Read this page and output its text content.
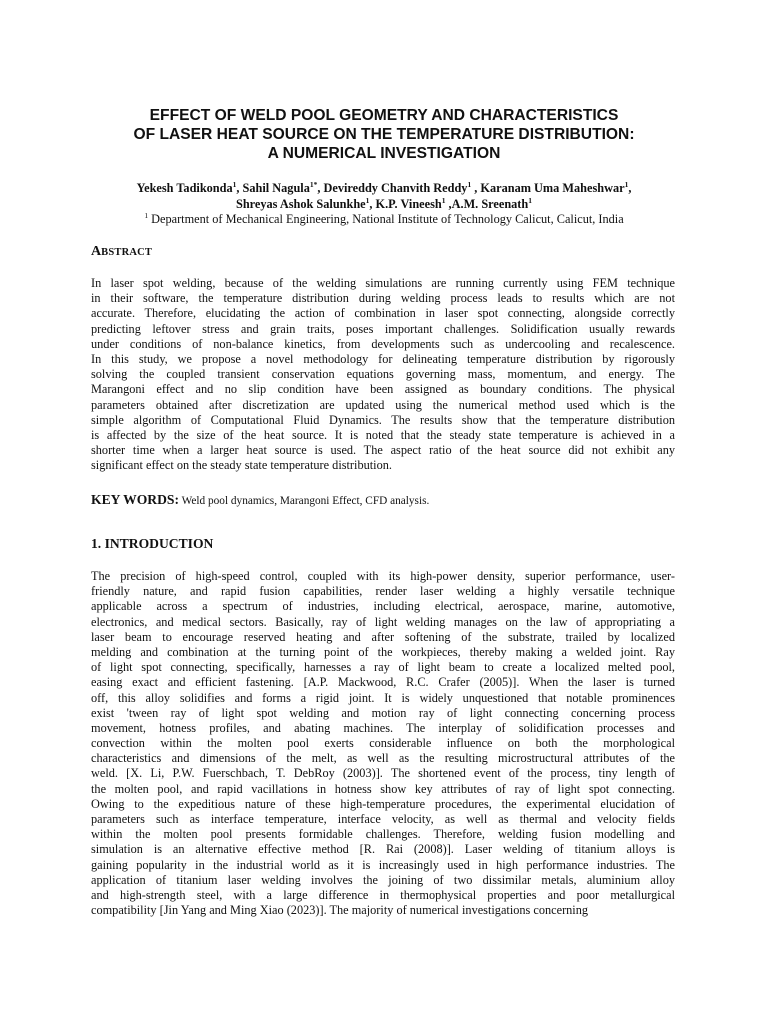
EFFECT OF WELD POOL GEOMETRY AND CHARACTERISTICS
OF LASER HEAT SOURCE ON THE TEMPERATURE DISTRIBUTION:
A NUMERICAL INVESTIGATION
Yekesh Tadikonda$^1$, Sahil Nagula$^{1*}$, Devireddy Chanvith Reddy$^1$ , Karanam Uma Maheshwar$^1$,
Shreyas Ashok Salunkhe$^1$, K.P. Vineesh$^1$ ,A.M. Sreenath$^1$
$^1$ Department of Mechanical Engineering, National Institute of Technology Calicut, Calicut, India
ABSTRACT
In laser spot welding, because of the welding simulations are running currently using FEM technique
in their software, the temperature distribution during welding process leads to results which are not
accurate. Therefore, elucidating the action of combination in laser spot connecting, alongside correctly
predicting leftover stress and grain traits, poses important challenges. Solidification usually rewards
under conditions of non-balance kinetics, from developments such as undercooling and recalescence.
In this study, we propose a novel methodology for delineating temperature distribution by rigorously
solving the coupled transient conservation equations governing mass, momentum, and energy. The
Marangoni effect and no slip condition have been assigned as boundary conditions. The physical
parameters obtained after discretization are updated using the numerical method used which is the
simple algorithm of Computational Fluid Dynamics. The results show that the temperature distribution
is affected by the size of the heat source. It is noted that the steady state temperature is achieved in a
shorter time when a larger heat source is used. The aspect ratio of the heat source did not exhibit any
significant effect on the steady state temperature distribution.
KEY WORDS: Weld pool dynamics, Marangoni Effect, CFD analysis.
1. INTRODUCTION
The precision of high-speed control, coupled with its high-power density, superior performance, user-
friendly nature, and rapid fusion capabilities, render laser welding a highly versatile technique
applicable across a spectrum of industries, including electrical, aerospace, marine, automotive,
electronics, and medical sectors. Basically, ray of light welding manages on the law of appropriating a
laser beam to encourage reserved heating and after softening of the substrate, trailed by localized
melding and combination at the turning point of the workpieces, thereby making a welded joint. Ray
of light spot connecting, specifically, harnesses a ray of light beam to create a localized melted pool,
easing exact and efficient fastening. [A.P. Mackwood, R.C. Crafer (2005)]. When the laser is turned
off, this alloy solidifies and forms a rigid joint. It is widely unquestioned that notable prominences
exist 'tween ray of light spot welding and motion ray of light connecting concerning process
movement, hotness profiles, and abating machines. The interplay of solidification processes and
convection within the molten pool exerts considerable influence on both the morphological
characteristics and dimensions of the melt, as well as the resulting microstructural attributes of the
weld. [X. Li, P.W. Fuerschbach, T. DebRoy (2003)]. The shortened event of the process, tiny length of
the molten pool, and rapid vacillations in hotness show key attributes of ray of light spot connecting.
Owing to the expeditious nature of these high-temperature procedures, the experimental elucidation of
parameters such as interface temperature, interface velocity, as well as thermal and velocity fields
within the molten pool presents formidable challenges. Therefore, welding fusion modelling and
simulation is an alternative effective method [R. Rai (2008)]. Laser welding of titanium alloys is
gaining popularity in the industrial world as it is increasingly used in high performance industries. The
application of titanium laser welding involves the joining of two dissimilar metals, aluminium alloy
and high-strength steel, with a large difference in thermophysical properties and poor metallurgical
compatibility [Jin Yang and Ming Xiao (2023)]. The majority of numerical investigations concerning
